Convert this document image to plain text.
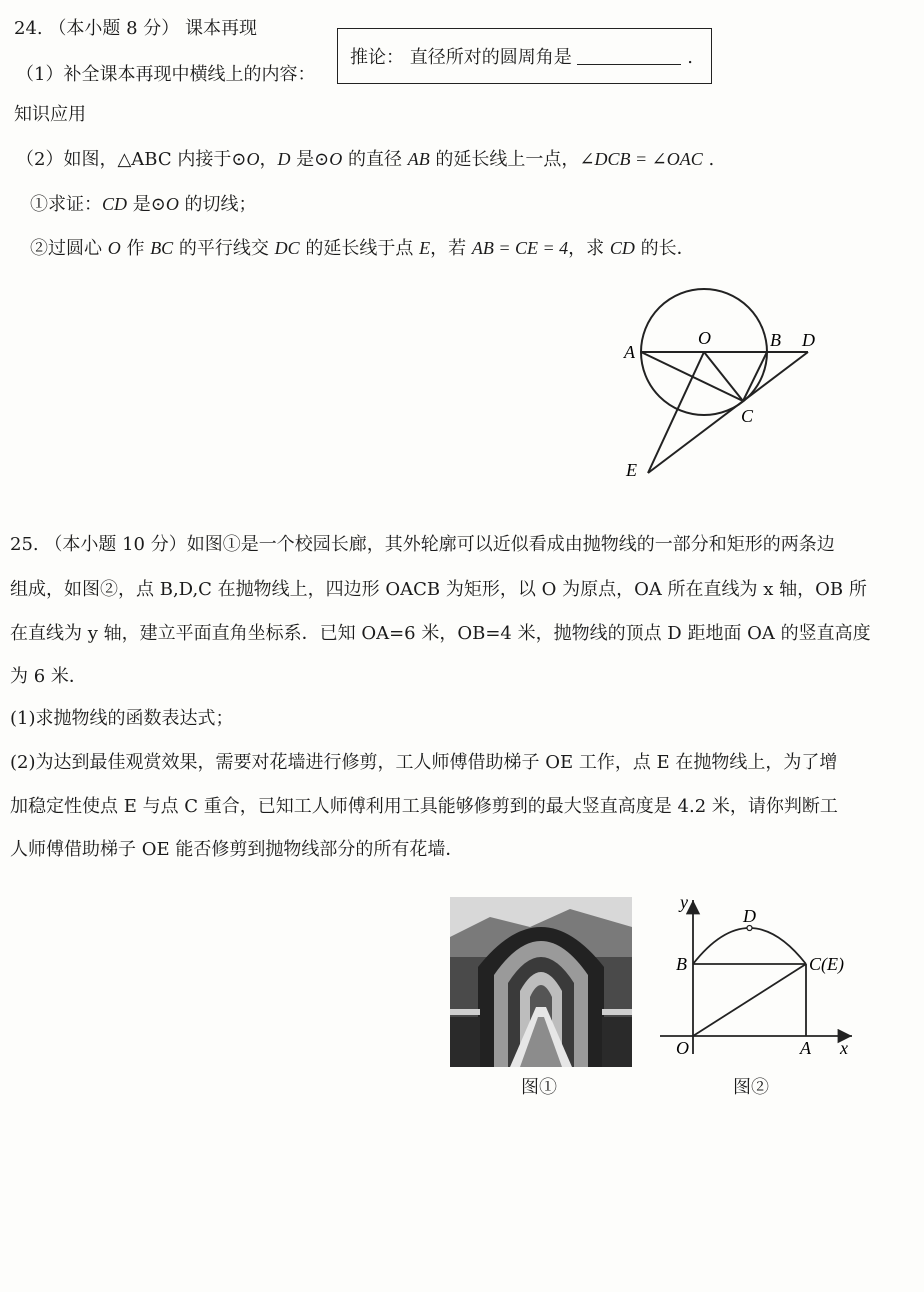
24. （本小题 8 分） 课本再现
（1）补全课本再现中横线上的内容：
推论： 直径所对的圆周角是	.
知识应用
（2）如图，△ABC 内接于⊙O，D 是⊙O 的直径 AB 的延长线上一点，∠DCB = ∠OAC .
①求证：CD 是⊙O 的切线；
②过圆心 O 作 BC 的平行线交 DC 的延长线于点 E，若 AB = CE = 4，求 CD 的长．
A
O	B D
C
E
25. （本小题 10 分）如图①是一个校园长廊，其外轮廓可以近似看成由抛物线的一部分和矩形的两条边
组成，如图②，点 B,D,C 在抛物线上，四边形 OACB 为矩形，以 O 为原点，OA 所在直线为 x 轴，OB 所
在直线为 y 轴，建立平面直角坐标系．已知 OA=6 米，OB=4 米，抛物线的顶点 D 距地面 OA 的竖直高度
为 6 米．
(1)求抛物线的函数表达式；
(2)为达到最佳观赏效果，需要对花墙进行修剪，工人师傅借助梯子 OE 工作，点 E 在抛物线上，为了增
加稳定性使点 E 与点 C 重合，已知工人师傅利用工具能够修剪到的最大竖直高度是 4.2 米，请你判断工
人师傅借助梯子 OE 能否修剪到抛物线部分的所有花墙．
图①
y
x
D
B	C(E)
O	A
图②
